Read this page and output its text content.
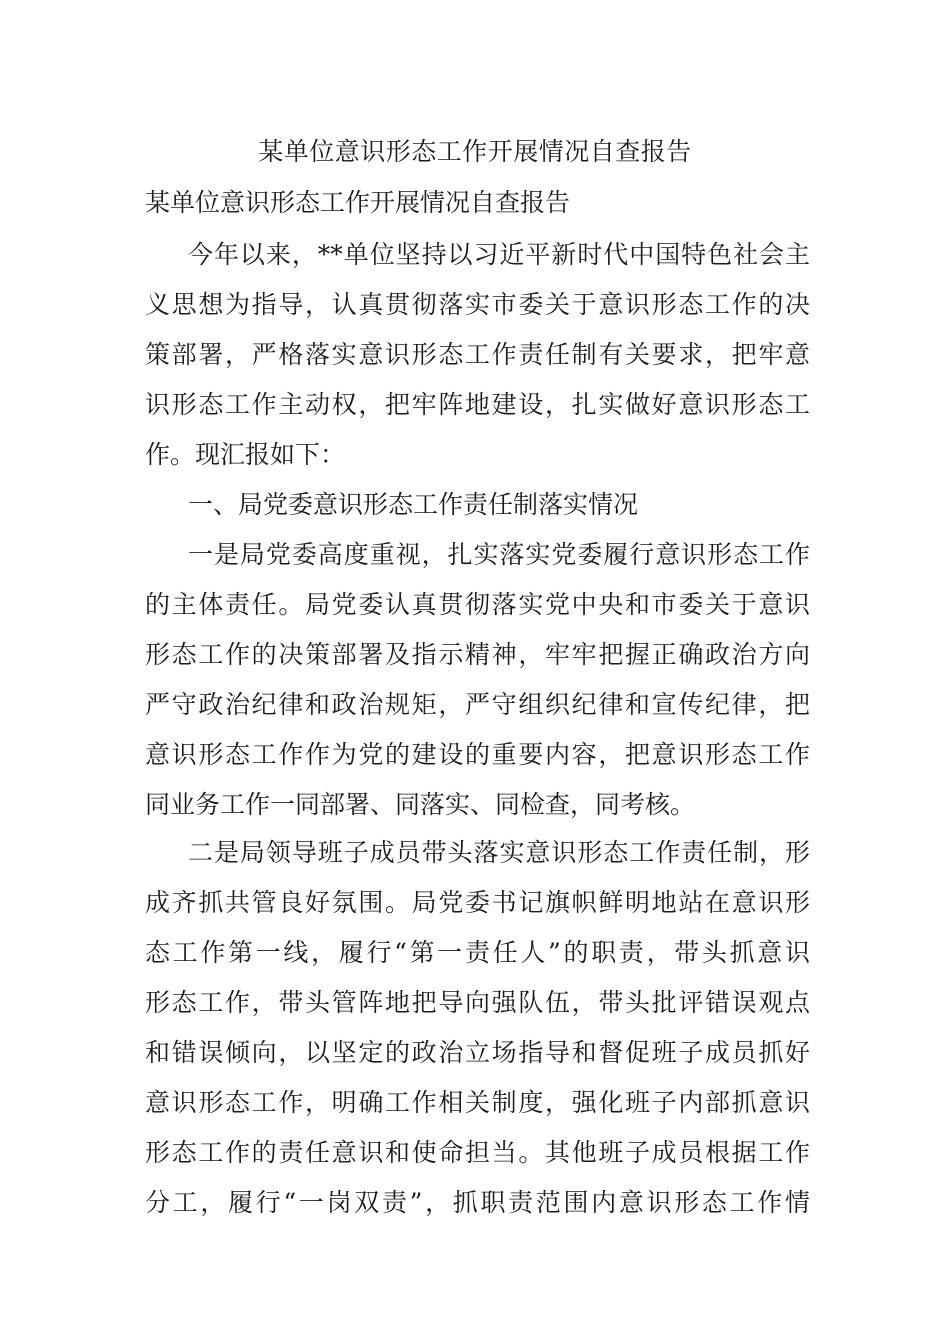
某单位意识形态工作开展情况自查报告

某单位意识形态工作开展情况自查报告

今年以来，**单位坚持以习近平新时代中国特色社会主

义思想为指导，认真贯彻落实市委关于意识形态工作的决

策部署，严格落实意识形态工作责任制有关要求，把牢意

识形态工作主动权，把牢阵地建设，扎实做好意识形态工

作。现汇报如下：

一、局党委意识形态工作责任制落实情况

一是局党委高度重视，扎实落实党委履行意识形态工作

的主体责任。局党委认真贯彻落实党中央和市委关于意识

形态工作的决策部署及指示精神，牢牢把握正确政治方向

严守政治纪律和政治规矩，严守组织纪律和宣传纪律，把

意识形态工作作为党的建设的重要内容，把意识形态工作

同业务工作一同部署、同落实、同检查，同考核。

二是局领导班子成员带头落实意识形态工作责任制，形

成齐抓共管良好氛围。局党委书记旗帜鲜明地站在意识形

态工作第一线，履行“第一责任人”的职责，带头抓意识

形态工作，带头管阵地把导向强队伍，带头批评错误观点

和错误倾向，以坚定的政治立场指导和督促班子成员抓好

意识形态工作，明确工作相关制度，强化班子内部抓意识

形态工作的责任意识和使命担当。其他班子成员根据工作

分工，履行“一岗双责”，抓职责范围内意识形态工作情
